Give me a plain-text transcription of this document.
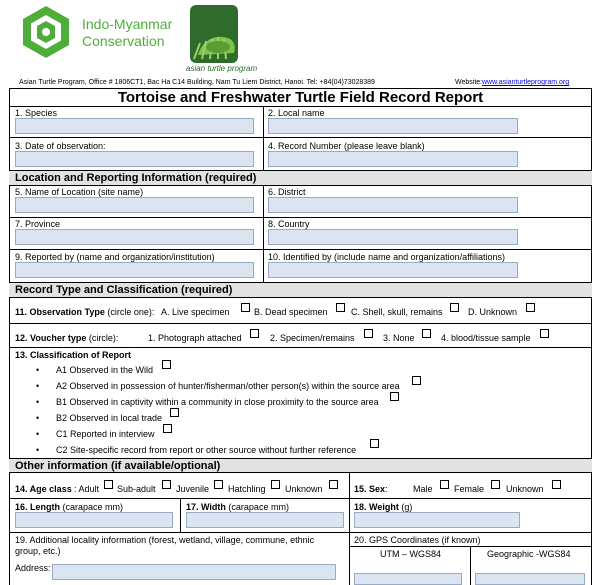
Indo-Myanmar
Conservation
asian turtle program
Asian Turtle Program, Office # 1806CT1, Bac Ha C14 Building, Nam Tu Liem District, Hanoi. Tel: +84(04)73028389	Website: www.asianturtleprogram.org
Tortoise and Freshwater Turtle Field Record Report
1. Species	2. Local name
3. Date of observation:	4. Record Number (please leave blank)
Location and Reporting Information (required)
5. Name of Location (site name)	6. District
7. Province	8. Country
9. Reported by (name and organization/institution)	10. Identified by (include name and organization/affiliations)
Record Type and Classification (required)
11. Observation Type (circle one): A. Live specimen	B. Dead specimen	C. Shell, skull, remains	D. Unknown
12. Voucher type (circle):	1. Photograph attached	2. Specimen/remains	3. None	4. blood/tissue sample
13. Classification of Report
• A1 Observed in the Wild
• A2 Observed in possession of hunter/fisherman/other person(s) within the source area
• B1 Observed in captivity within a community in close proximity to the source area
• B2 Observed in local trade
• C1 Reported in interview
• C2 Site-specific record from report or other source without further reference
Other information (if available/optional)
14. Age class : Adult Sub-adult Juvenile Hatchling Unknown	15. Sex:	Male Female Unknown
16. Length (carapace mm)	17. Width (carapace mm)	18. Weight (g)
19. Additional locality information (forest, wetland, village, commune, ethnic
group, etc.)
Address:
20. GPS Coordinates (if known)
UTM – WGS84	Geographic -WGS84
